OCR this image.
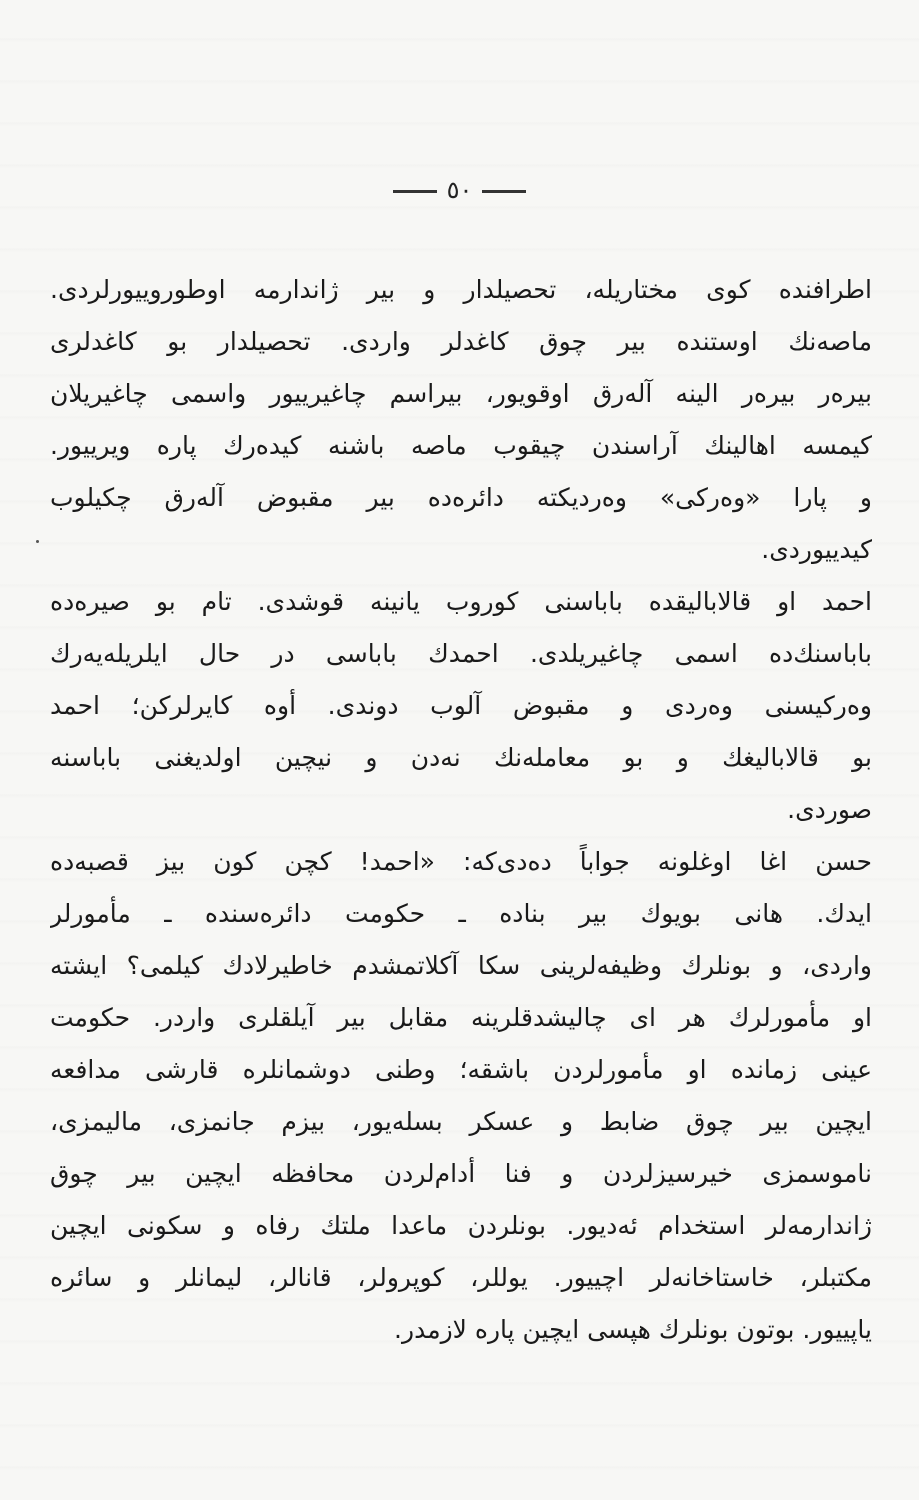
٥٠
اطرافنده كوى مختاريله، تحصيلدار و بير ژاندارمه اوطوروييورلردى.
ماصه‌نك اوستنده بير چوق كاغدلر واردى. تحصيلدار بو كاغدلرى
بيره‌ر بيره‌ر الينه آله‌رق اوقويور، بيراسم چاغيرييور واسمى چاغيريلان
كيمسه اهالينك آراسندن چيقوب ماصه باشنه كيده‌رك پاره ويرييور.
و پارا «وه‌ركى» وه‌رديكته دائره‌ده بير مقبوض آله‌رق چكيلوب
كيدييوردى.
احمد او قالاباليقده باباسنى كوروب يانينه قوشدى. تام بو صيره‌ده
باباسنك‌ده اسمى چاغيريلدى. احمدك باباسى در حال ايلريله‌يه‌رك
وه‌ركيسنى وه‌ردى و مقبوض آلوب دوندى. أوه كايرلركن؛ احمد
بو قالاباليغك و بو معامله‌نك نه‌دن و نيچين اولديغنى باباسنه
صوردى.
حسن اغا اوغلونه جواباً ده‌دى‌كه: «احمد! كچن كون بيز قصبه‌ده
ايدك. هانى بويوك بير بناده ـ حكومت دائره‌سنده ـ مأمورلر
واردى، و بونلرك وظيفه‌لرينى سكا آكلاتمشدم خاطيرلادك‌ كيلمى؟ ايشته
او مأمورلرك هر اى چاليشدقلرينه مقابل بير آيلقلرى واردر. حكومت
عينى زمانده او مأمورلردن باشقه؛ وطنى دوشمانلره قارشى مدافعه
ايچين بير چوق ضابط و عسكر بسله‌يور، بيزم جانمزى، ماليمزى،
ناموسمزى خيرسيزلردن و فنا أدام‌لردن محافظه ايچين بير چوق
ژاندارمه‌لر استخدام ئه‌ديور. بونلردن ماعدا ملتك رفاه و سكونى ايچين
مكتبلر، خاستاخانه‌لر اچييور. يوللر، كوپرولر، قانالر، ليمانلر و سائره
ياپييور. بوتون بونلرك هپسى ايچين پاره لازمدر.
